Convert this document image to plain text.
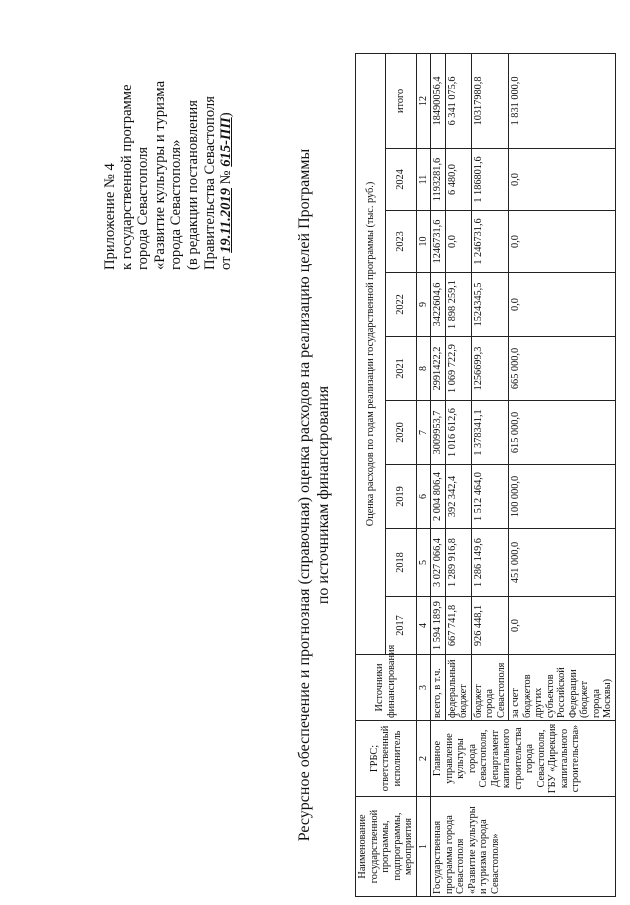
Приложение № 4 к государственной программе города Севастополя «Развитие культуры и туризма города Севастополя» (в редакции постановления Правительства Севастополя от 19.11.2019 № 615-ПП)
Ресурсное обеспечение и прогнозная (справочная) оценка расходов на реализацию целей Программы по источникам финансирования
Наименование государственной программы, подпрограммы, мероприятия	ГРБС; ответственный исполнитель	Источники финансирования	Оценка расходов по годам реализации государственной программы (тыс. руб.)								
			2017	2018	2019	2020	2021	2022	2023	2024	итого
1	2	3	4	5	6	7	8	9	10	11	12
Государственная программа города Севастополя «Развитие культуры и туризма города Севастополя»	Главное управление культуры города Севастополя, Департамент капитального строительства города Севастополя, ГБУ «Дирекция капитального строительства»	всего, в т.ч.	1 594 189,9	3 027 066,4	2 004 806,4	3009953,7	2991422,2	3422604,6	1246731,6	1193281,6	18490056,4
		федеральный бюджет	667 741,8	1 289 916,8	392 342,4	1 016 612,6	1 069 722,9	1 898 259,1	0,0	6 480,0	6 341 075,6
		бюджет города Севастополя	926 448,1	1 286 149,6	1 512 464,0	1 378341,1	1256699,3	1524345,5	1 246731,6	1 186801,6	10317980,8
		за счет бюджетов других субъектов Российской Федерации (бюджет города Москвы)	0,0	451 000,0	100 000,0	615 000,0	665 000,0	0,0	0,0	0,0	1 831 000,0
